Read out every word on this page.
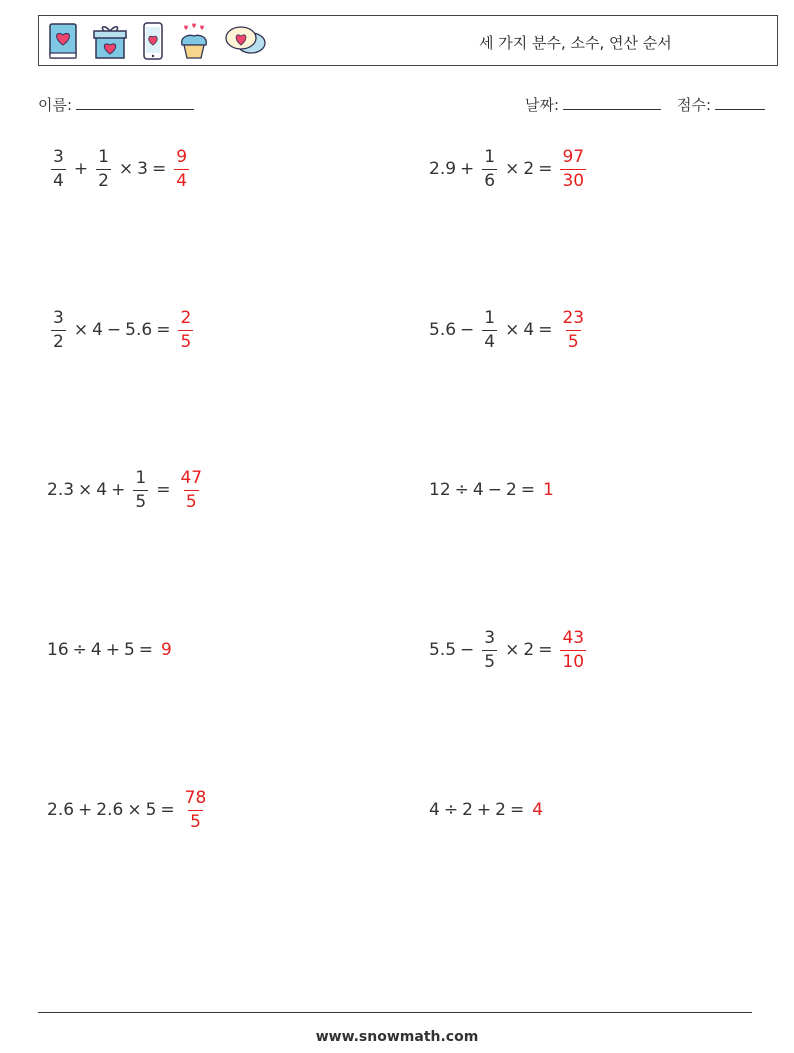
세 가지 분수, 소수, 연산 순서
이름:	날짜:	점수:
$\frac{3}{4} + \frac{1}{2} \times 3 = \frac{9}{4}$	$2.9 + \frac{1}{6} \times 2 = \frac{97}{30}$
$\frac{3}{2} \times 4 - 5.6 = \frac{2}{5}$	$5.6 - \frac{1}{4} \times 4 = \frac{23}{5}$
$2.3 \times 4 + \frac{1}{5} = \frac{47}{5}$	12 ÷ 4 − 2 = 1
16 ÷ 4 + 5 = 9	$5.5 - \frac{3}{5} \times 2 = \frac{43}{10}$
$2.6 + 2.6 \times 5 = \frac{78}{5}$	4 ÷ 2 + 2 = 4
www.snowmath.com
